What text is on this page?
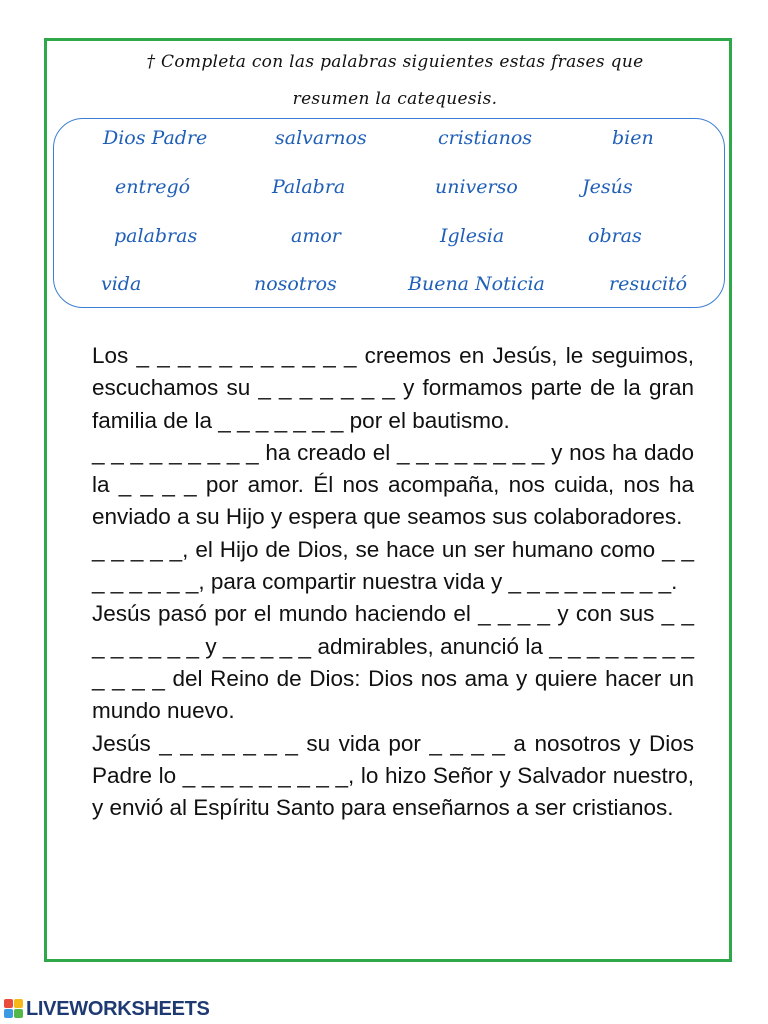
† Completa con las palabras siguientes estas frases que
resumen la catequesis.
Dios Padre	salvarnos	cristianos	bien
entregó	Palabra	universo	Jesús
palabras	amor	Iglesia	obras
vida	nosotros	Buena Noticia	resucitó

Los _ _ _ _ _ _ _ _ _ _ _ creemos en Jesús, le seguimos, escuchamos su _ _ _ _ _ _ _ y formamos parte de la gran familia de la _ _ _ _ _ _ _ por el bautismo.

_ _ _ _ _ _ _ _ _ ha creado el _ _ _ _ _ _ _ _ y nos ha dado la _ _ _ _ por amor. Él nos acompaña, nos cuida, nos ha enviado a su Hijo y espera que seamos sus colaboradores.

_ _ _ _ _, el Hijo de Dios, se hace un ser humano como _ _ _ _ _ _ _ _, para compartir nuestra vida y _ _ _ _ _ _ _ _ _.

Jesús pasó por el mundo haciendo el _ _ _ _ y con sus _ _ _ _ _ _ _ _ y _ _ _ _ _ admirables, anunció la _ _ _ _ _ _ _ _ _ _ _ _ del Reino de Dios: Dios nos ama y quiere hacer un mundo nuevo.

Jesús _ _ _ _ _ _ _ su vida por _ _ _ _ a nosotros y Dios Padre lo _ _ _ _ _ _ _ _ _, lo hizo Señor y Salvador nuestro, y envió al Espíritu Santo para enseñarnos a ser cristianos.

LIVEWORKSHEETS
